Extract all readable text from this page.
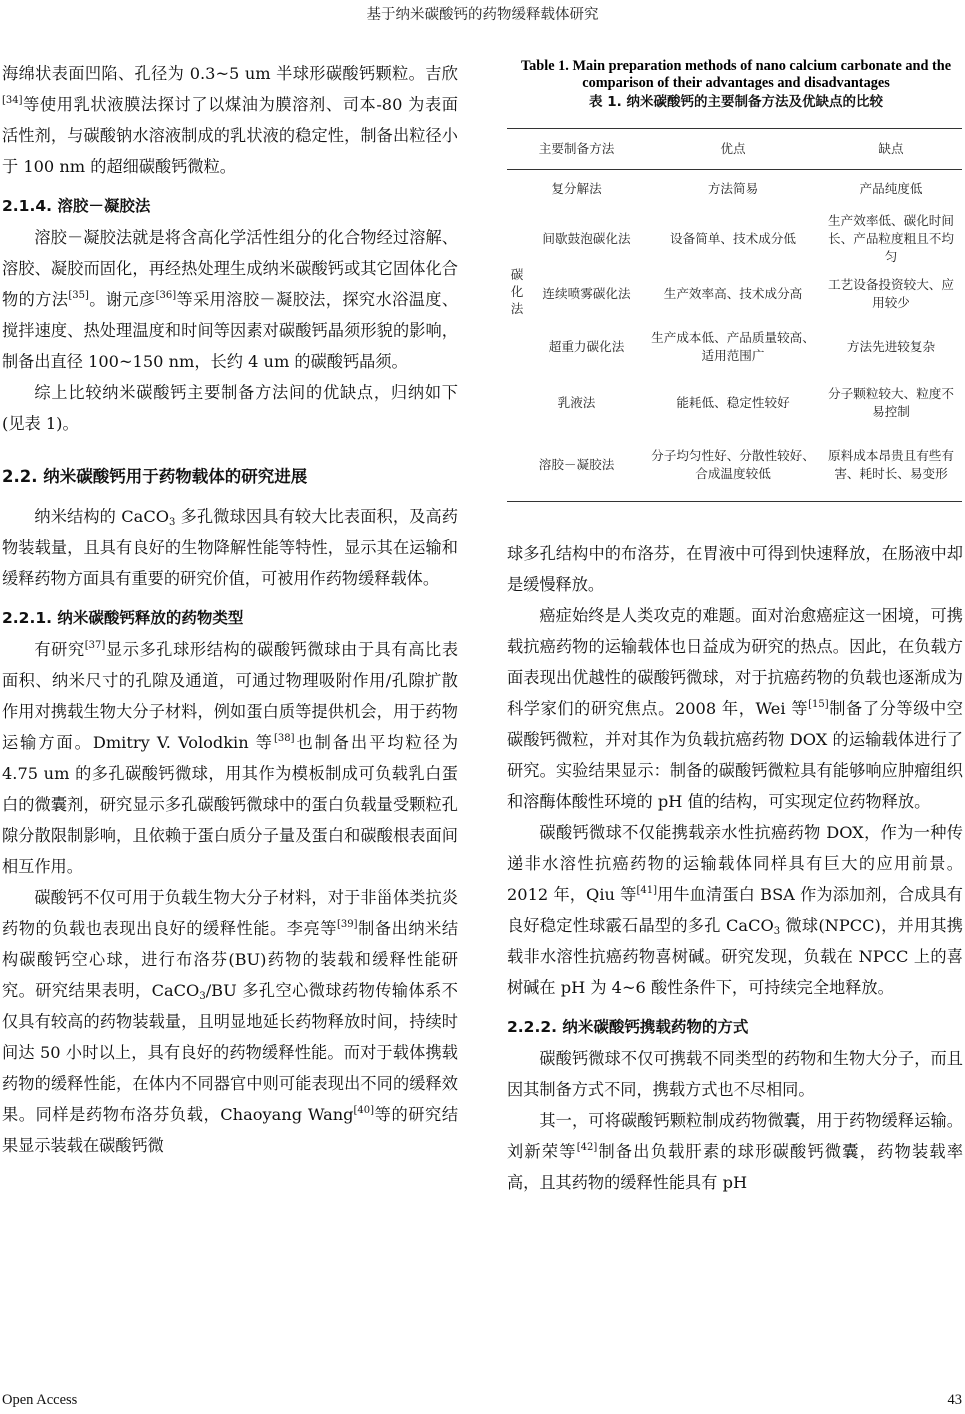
基于纳米碳酸钙的药物缓释载体研究

海绵状表面凹陷、孔径为 0.3~5 um 半球形碳酸钙颗粒。吉欣[34]等使用乳状液膜法探讨了以煤油为膜溶剂、司本-80 为表面活性剂，与碳酸钠水溶液制成的乳状液的稳定性，制备出粒径小于 100 nm 的超细碳酸钙微粒。

2.1.4. 溶胶－凝胶法

溶胶－凝胶法就是将含高化学活性组分的化合物经过溶解、溶胶、凝胶而固化，再经热处理生成纳米碳酸钙或其它固体化合物的方法[35]。谢元彦[36]等采用溶胶－凝胶法，探究水浴温度、搅拌速度、热处理温度和时间等因素对碳酸钙晶须形貌的影响，制备出直径 100~150 nm，长约 4 um 的碳酸钙晶须。

综上比较纳米碳酸钙主要制备方法间的优缺点，归纳如下(见表 1)。

2.2. 纳米碳酸钙用于药物载体的研究进展

纳米结构的 CaCO$_3$ 多孔微球因具有较大比表面积，及高药物装载量，且具有良好的生物降解性能等特性，显示其在运输和缓释药物方面具有重要的研究价值，可被用作药物缓释载体。

2.2.1. 纳米碳酸钙释放的药物类型

有研究[37]显示多孔球形结构的碳酸钙微球由于具有高比表面积、纳米尺寸的孔隙及通道，可通过物理吸附作用/孔隙扩散作用对携载生物大分子材料，例如蛋白质等提供机会，用于药物运输方面。Dmitry V. Volodkin 等[38]也制备出平均粒径为 4.75 um 的多孔碳酸钙微球，用其作为模板制成可负载乳白蛋白的微囊剂，研究显示多孔碳酸钙微球中的蛋白负载量受颗粒孔隙分散限制影响，且依赖于蛋白质分子量及蛋白和碳酸根表面间相互作用。

碳酸钙不仅可用于负载生物大分子材料，对于非甾体类抗炎药物的负载也表现出良好的缓释性能。李亮等[39]制备出纳米结构碳酸钙空心球，进行布洛芬(BU)药物的装载和缓释性能研究。研究结果表明，CaCO$_3$/BU 多孔空心微球药物传输体系不仅具有较高的药物装载量，且明显地延长药物释放时间，持续时间达 50 小时以上，具有良好的药物缓释性能。而对于载体携载药物的缓释性能，在体内不同器官中则可能表现出不同的缓释效果。同样是药物布洛芬负载，Chaoyang Wang[40]等的研究结果显示装载在碳酸钙微

Table 1. Main preparation methods of nano calcium carbonate and the comparison of their advantages and disadvantages
表 1. 纳米碳酸钙的主要制备方法及优缺点的比较
主要制备方法		优点	缺点
复分解法		方法简易	产品纯度低
碳化法	间歇鼓泡碳化法	设备简单、技术成分低	生产效率低、碳化时间长、产品粒度粗且不均匀
	连续喷雾碳化法	生产效率高、技术成分高	工艺设备投资较大、应用较少
	超重力碳化法	生产成本低、产品质量较高、适用范围广	方法先进较复杂
乳液法		能耗低、稳定性较好	分子颗粒较大、粒度不易控制
溶胶－凝胶法		分子均匀性好、分散性较好、合成温度较低	原料成本昂贵且有些有害、耗时长、易变形

球多孔结构中的布洛芬，在胃液中可得到快速释放，在肠液中却是缓慢释放。

癌症始终是人类攻克的难题。面对治愈癌症这一困境，可携载抗癌药物的运输载体也日益成为研究的热点。因此，在负载方面表现出优越性的碳酸钙微球，对于抗癌药物的负载也逐渐成为科学家们的研究焦点。2008 年，Wei 等[15]制备了分等级中空碳酸钙微粒，并对其作为负载抗癌药物 DOX 的运输载体进行了研究。实验结果显示：制备的碳酸钙微粒具有能够响应肿瘤组织和溶酶体酸性环境的 pH 值的结构，可实现定位药物释放。

碳酸钙微球不仅能携载亲水性抗癌药物 DOX，作为一种传递非水溶性抗癌药物的运输载体同样具有巨大的应用前景。2012 年，Qiu 等[41]用牛血清蛋白 BSA 作为添加剂，合成具有良好稳定性球霰石晶型的多孔 CaCO$_3$ 微球(NPCC)，并用其携载非水溶性抗癌药物喜树碱。研究发现，负载在 NPCC 上的喜树碱在 pH 为 4~6 酸性条件下，可持续完全地释放。

2.2.2. 纳米碳酸钙携载药物的方式

碳酸钙微球不仅可携载不同类型的药物和生物大分子，而且因其制备方式不同，携载方式也不尽相同。

其一，可将碳酸钙颗粒制成药物微囊，用于药物缓释运输。刘新荣等[42]制备出负载肝素的球形碳酸钙微囊，药物装载率高，且其药物的缓释性能具有 pH

Open Access	43
